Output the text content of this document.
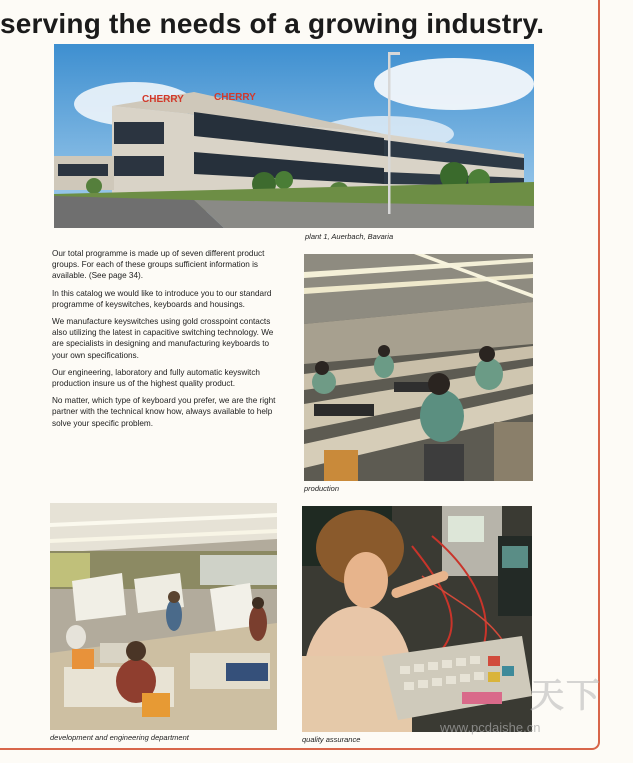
serving the needs of a growing industry.
CHERRY	CHERRY
plant 1, Auerbach, Bavaria

Our total programme is made up of seven different product groups. For each of these groups sufficient information is available. (See page 34).

In this catalog we would like to introduce you to our standard programme of keyswitches, keyboards and housings.

We manufacture keyswitches using gold crosspoint contacts also utilizing the latest in capacitive switching technology. We are specialists in designing and manufacturing keyboards to your own specifications.

Our engineering, laboratory and fully automatic keyswitch production insure us of the highest quality product.

No matter, which type of keyboard you prefer, we are the right partner with the technical know how, always available to help solve your specific problem.

production
development and engineering department	quality assurance
天下
www.pcdaishe.cn
